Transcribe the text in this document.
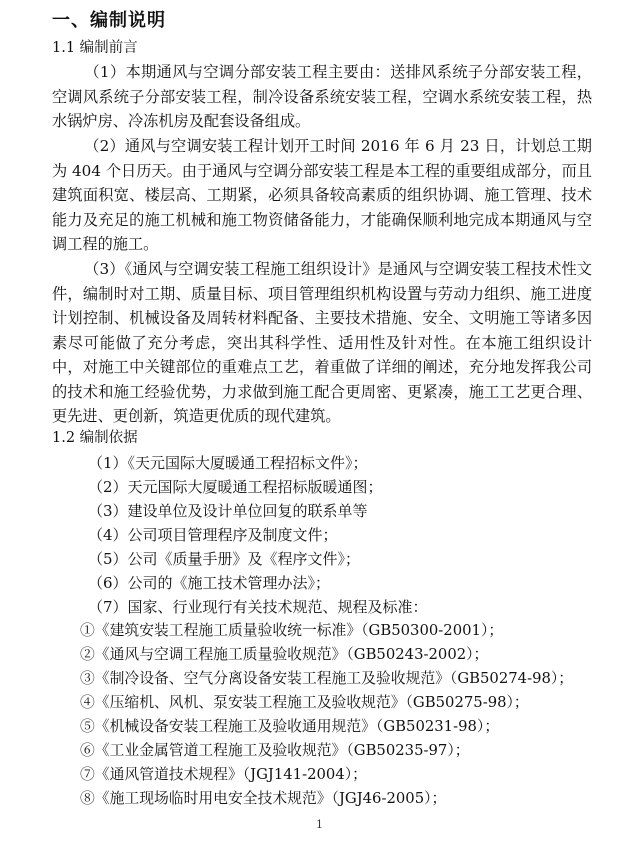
一、编制说明
1.1 编制前言
（1）本期通风与空调分部安装工程主要由：送排风系统子分部安装工程，空调风系统子分部安装工程，制冷设备系统安装工程，空调水系统安装工程，热水锅炉房、冷冻机房及配套设备组成。
（2）通风与空调安装工程计划开工时间 2016 年 6 月 23 日，计划总工期为 404 个日历天。由于通风与空调分部安装工程是本工程的重要组成部分，而且建筑面积宽、楼层高、工期紧，必须具备较高素质的组织协调、施工管理、技术能力及充足的施工机械和施工物资储备能力，才能确保顺利地完成本期通风与空调工程的施工。
（3）《通风与空调安装工程施工组织设计》是通风与空调安装工程技术性文件，编制时对工期、质量目标、项目管理组织机构设置与劳动力组织、施工进度计划控制、机械设备及周转材料配备、主要技术措施、安全、文明施工等诸多因素尽可能做了充分考虑，突出其科学性、适用性及针对性。在本施工组织设计中，对施工中关键部位的重难点工艺，着重做了详细的阐述，充分地发挥我公司的技术和施工经验优势，力求做到施工配合更周密、更紧凑，施工工艺更合理、更先进、更创新，筑造更优质的现代建筑。
1.2 编制依据
（1）《天元国际大厦暖通工程招标文件》；
（2）天元国际大厦暖通工程招标版暖通图；
（3）建设单位及设计单位回复的联系单等
（4）公司项目管理程序及制度文件；
（5）公司《质量手册》及《程序文件》；
（6）公司的《施工技术管理办法》；
（7）国家、行业现行有关技术规范、规程及标准：
①《建筑安装工程施工质量验收统一标准》（GB50300-2001）；
②《通风与空调工程施工质量验收规范》（GB50243-2002）；
③《制冷设备、空气分离设备安装工程施工及验收规范》（GB50274-98）；
④《压缩机、风机、泵安装工程施工及验收规范》（GB50275-98）；
⑤《机械设备安装工程施工及验收通用规范》（GB50231-98）；
⑥《工业金属管道工程施工及验收规范》（GB50235-97）；
⑦《通风管道技术规程》（JGJ141-2004）；
⑧《施工现场临时用电安全技术规范》（JGJ46-2005）；
1
